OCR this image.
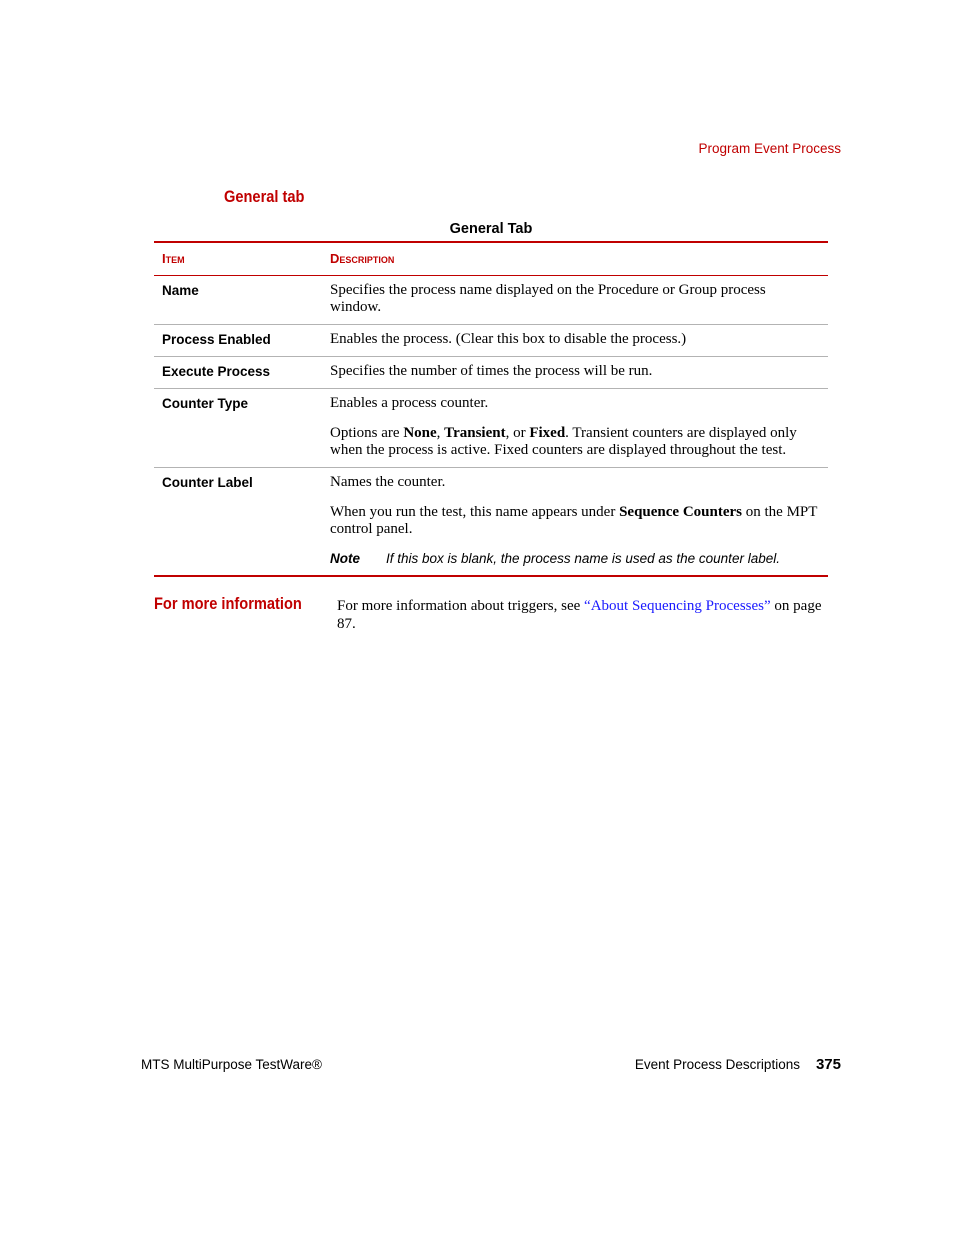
Program Event Process
General tab
General Tab
Item	Description
Name	Specifies the process name displayed on the Procedure or Group process window.

Process Enabled	Enables the process. (Clear this box to disable the process.)

Execute Process	Specifies the number of times the process will be run.

Counter Type	Enables a process counter.

Options are None, Transient, or Fixed. Transient counters are displayed only when the process is active. Fixed counters are displayed throughout the test.

Counter Label	Names the counter.

When you run the test, this name appears under Sequence Counters on the MPT control panel.

Note	If this box is blank, the process name is used as the counter label.
For more information For more information about triggers, see “About Sequencing Processes” on page 87.
MTS MultiPurpose TestWare®	Event Process Descriptions 375
